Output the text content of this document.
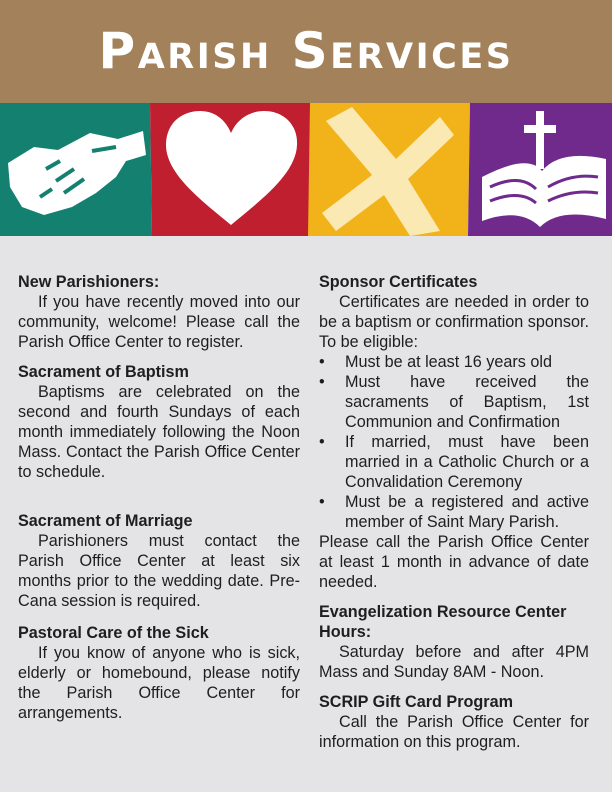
Parish Services
New Parishioners:
If you have recently moved into our community, welcome! Please call the Parish Office Center to register.
Sacrament of Baptism
Baptisms are celebrated on the second and fourth Sundays of each month immediately following the Noon Mass. Contact the Parish Office Center to schedule.
Sacrament of Marriage
Parishioners must contact the Parish Office Center at least six months prior to the wedding date. Pre-Cana session is required.
Pastoral Care of the Sick
If you know of anyone who is sick, elderly or homebound, please notify the Parish Office Center for arrangements.
Sponsor Certificates
Certificates are needed in order to be a baptism or confirmation sponsor. To be eligible:
• Must be at least 16 years old
• Must have received the sacraments of Baptism, 1st Communion and Confirmation
• If married, must have been married in a Catholic Church or a Convalidation Ceremony
• Must be a registered and active member of Saint Mary Parish.
Please call the Parish Office Center at least 1 month in advance of date needed.
Evangelization Resource Center Hours:
Saturday before and after 4PM Mass and Sunday 8AM - Noon.
SCRIP Gift Card Program
Call the Parish Office Center for information on this program.
